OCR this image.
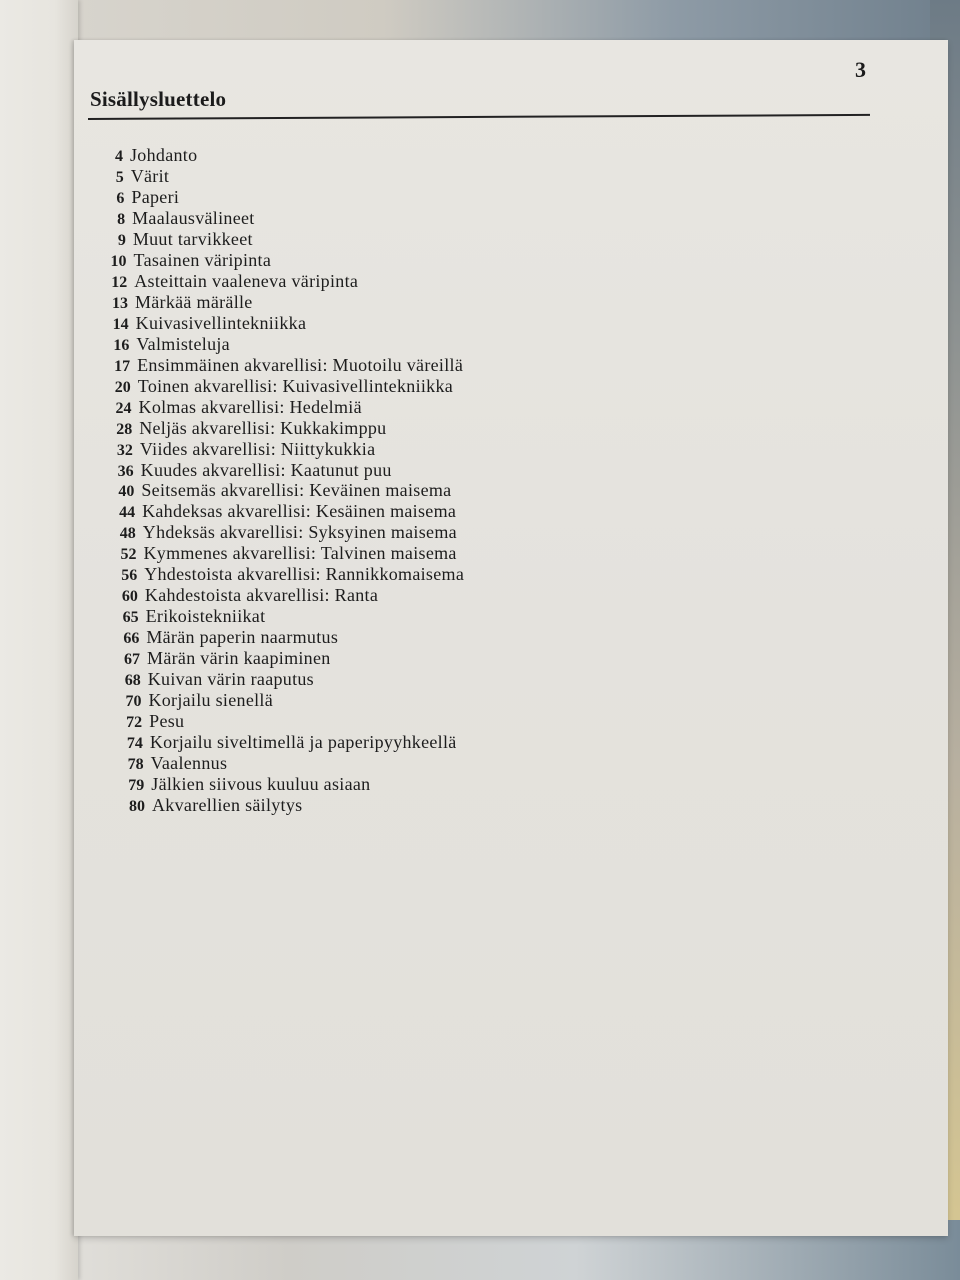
3
Sisällysluettelo
4 Johdanto
5 Värit
6 Paperi
8 Maalausvälineet
9 Muut tarvikkeet
10 Tasainen väripinta
12 Asteittain vaaleneva väripinta
13 Märkää märälle
14 Kuivasivellintekniikka
16 Valmisteluja
17 Ensimmäinen akvarellisi: Muotoilu väreillä
20 Toinen akvarellisi: Kuivasivellintekniikka
24 Kolmas akvarellisi: Hedelmiä
28 Neljäs akvarellisi: Kukkakimppu
32 Viides akvarellisi: Niittykukkia
36 Kuudes akvarellisi: Kaatunut puu
40 Seitsemäs akvarellisi: Keväinen maisema
44 Kahdeksas akvarellisi: Kesäinen maisema
48 Yhdeksäs akvarellisi: Syksyinen maisema
52 Kymmenes akvarellisi: Talvinen maisema
56 Yhdestoista akvarellisi: Rannikkomaisema
60 Kahdestoista akvarellisi: Ranta
65 Erikoistekniikat
66 Märän paperin naarmutus
67 Märän värin kaapiminen
68 Kuivan värin raaputus
70 Korjailu sienellä
72 Pesu
74 Korjailu siveltimellä ja paperipyyhkeellä
78 Vaalennus
79 Jälkien siivous kuuluu asiaan
80 Akvarellien säilytys
